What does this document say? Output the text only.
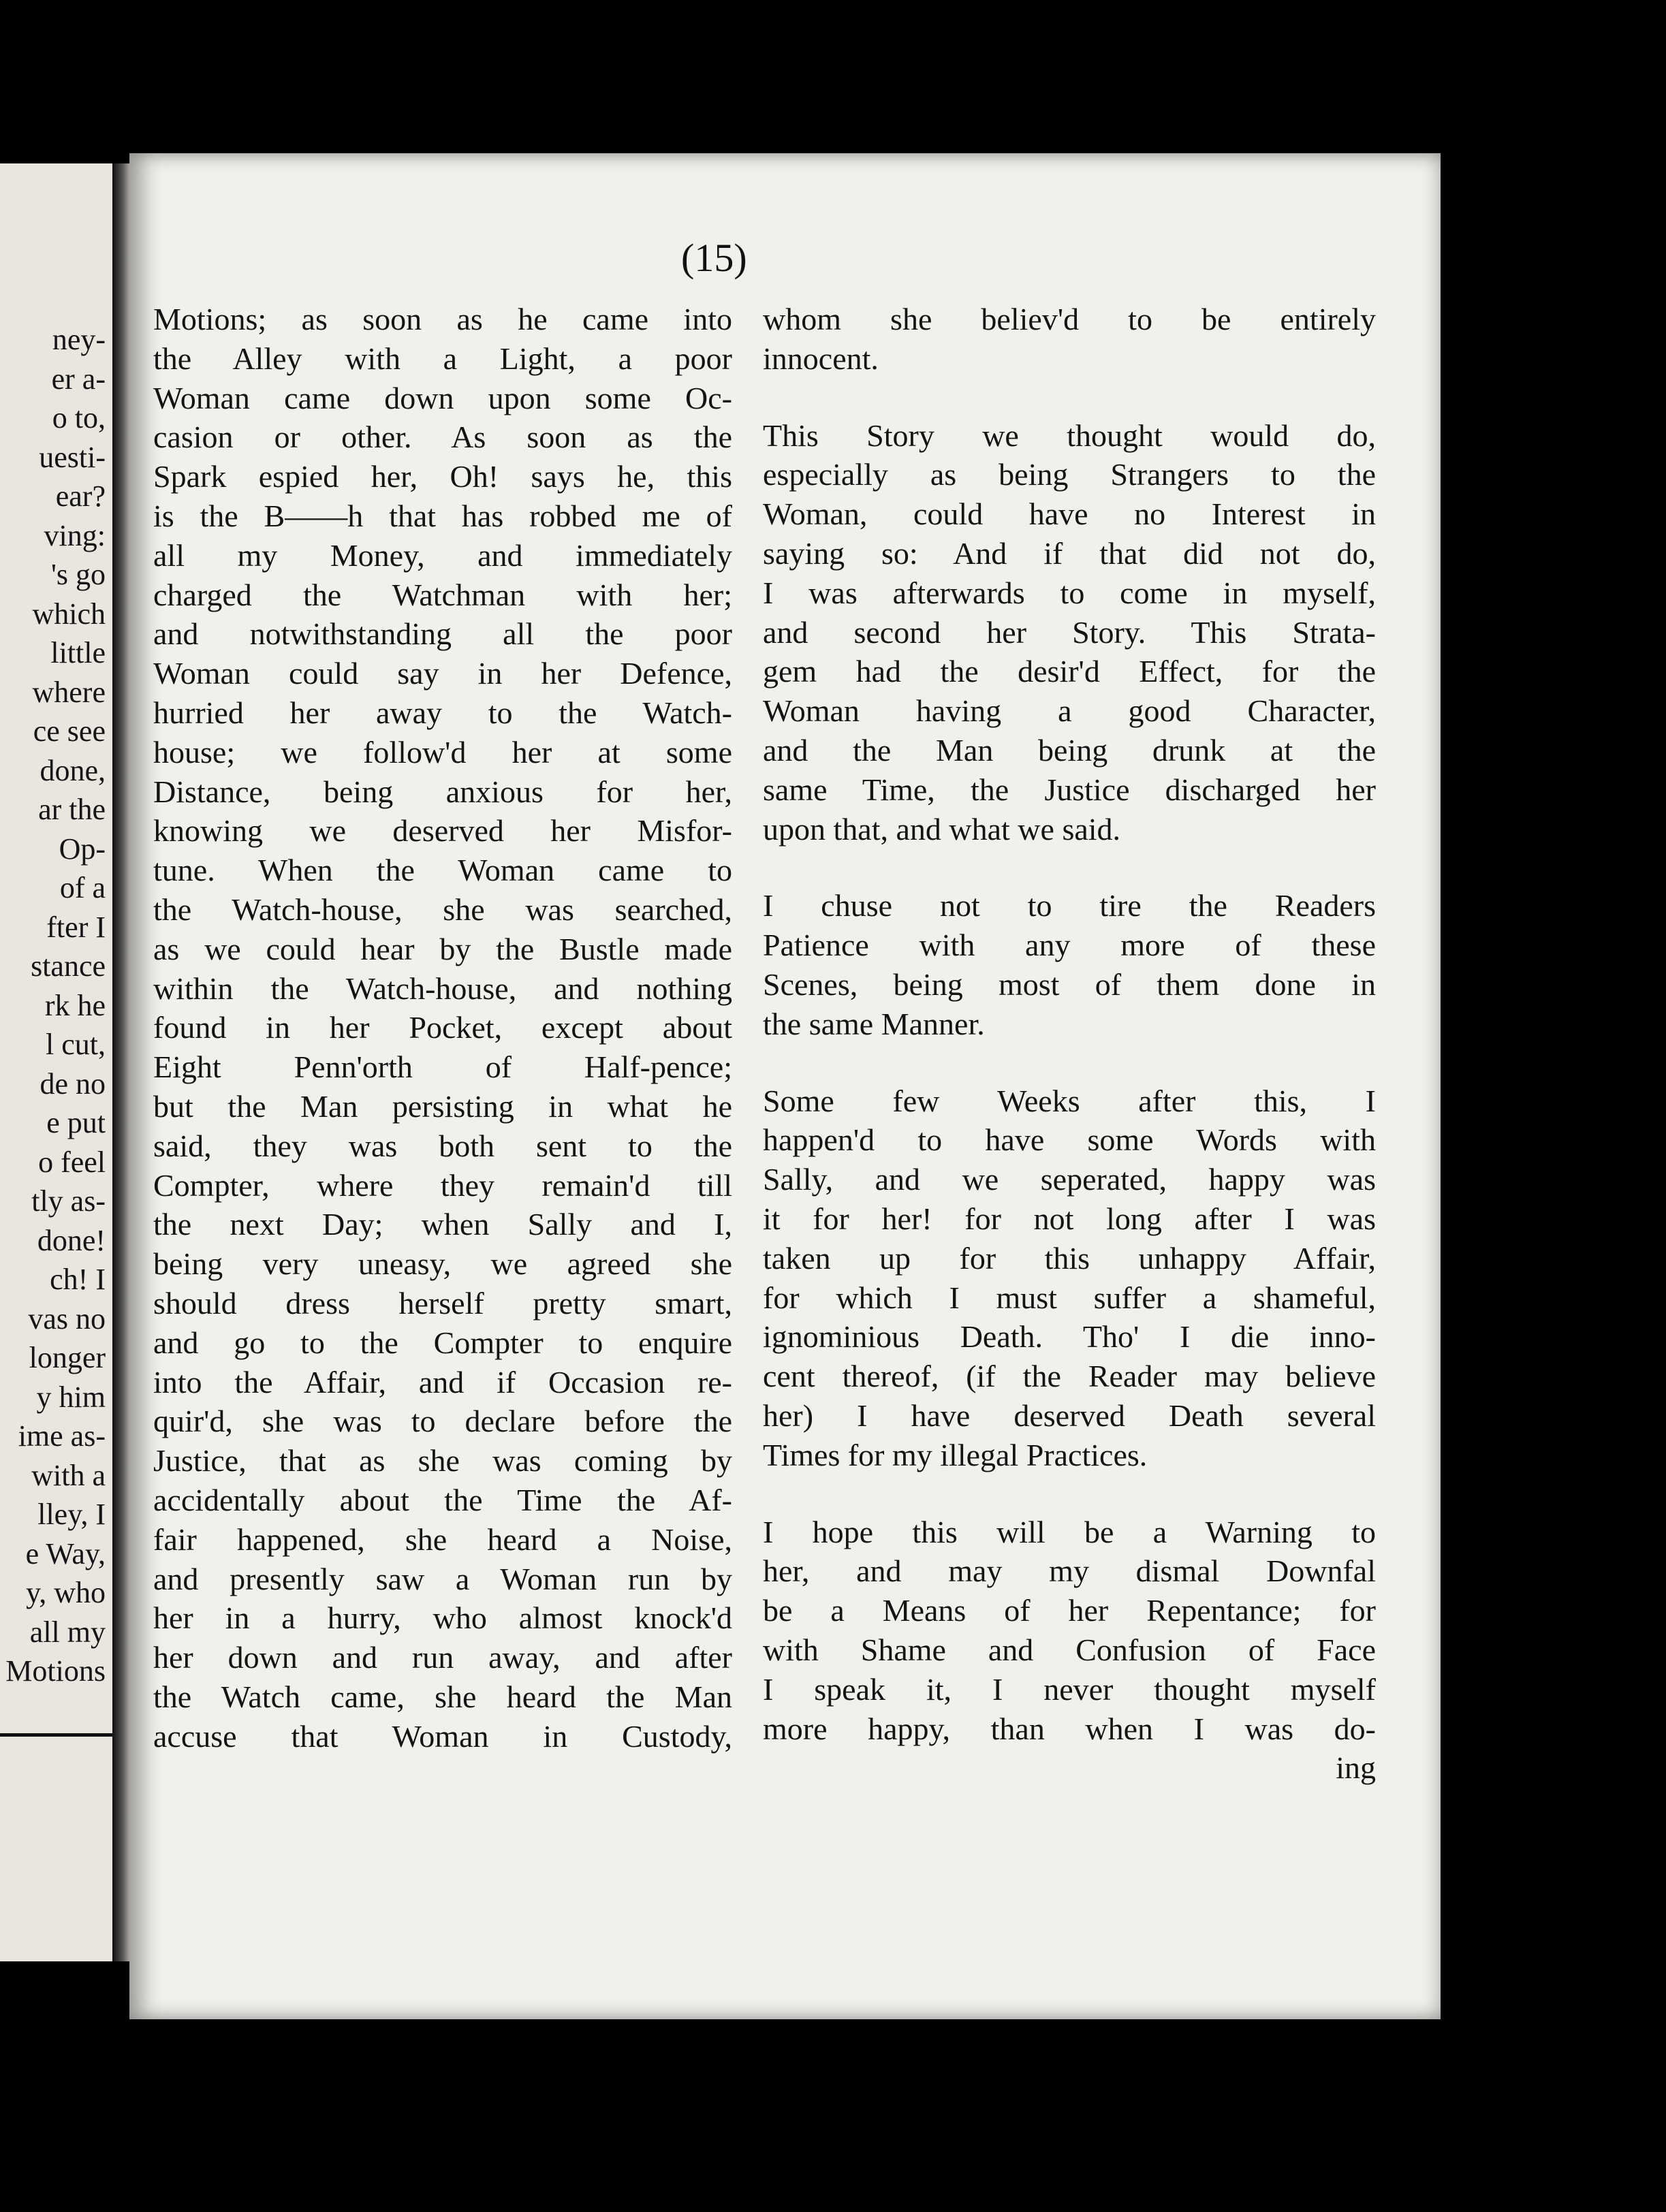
ney-
er a-
o to,
uesti-
ear?
ving:
's go
which
little
where
ce see
done,
ar the
Op-
of a
fter I
stance
rk he
l cut,
de no
e put
o feel
tly as-
done!
ch! I
vas no
longer
y him
ime as-
with a
lley, I
e Way,
y, who
all my
Motions
(15)
Motions; as soon as he came into
the Alley with a Light, a poor
Woman came down upon some Oc-
casion or other. As soon as the
Spark espied her, Oh! says he, this
is the B——h that has robbed me of
all my Money, and immediately
charged the Watchman with her;
and notwithstanding all the poor
Woman could say in her Defence,
hurried her away to the Watch-
house; we follow'd her at some
Distance, being anxious for her,
knowing we deserved her Misfor-
tune. When the Woman came to
the Watch-house, she was searched,
as we could hear by the Bustle made
within the Watch-house, and nothing
found in her Pocket, except about
Eight Penn'orth of Half-pence;
but the Man persisting in what he
said, they was both sent to the
Compter, where they remain'd till
the next Day; when Sally and I,
being very uneasy, we agreed she
should dress herself pretty smart,
and go to the Compter to enquire
into the Affair, and if Occasion re-
quir'd, she was to declare before the
Justice, that as she was coming by
accidentally about the Time the Af-
fair happened, she heard a Noise,
and presently saw a Woman run by
her in a hurry, who almost knock'd
her down and run away, and after
the Watch came, she heard the Man
accuse that Woman in Custody,
whom she believ'd to be entirely
innocent.
This Story we thought would do,
especially as being Strangers to the
Woman, could have no Interest in
saying so: And if that did not do,
I was afterwards to come in myself,
and second her Story. This Strata-
gem had the desir'd Effect, for the
Woman having a good Character,
and the Man being drunk at the
same Time, the Justice discharged her
upon that, and what we said.
I chuse not to tire the Readers
Patience with any more of these
Scenes, being most of them done in
the same Manner.
Some few Weeks after this, I
happen'd to have some Words with
Sally, and we seperated, happy was
it for her! for not long after I was
taken up for this unhappy Affair,
for which I must suffer a shameful,
ignominious Death. Tho' I die inno-
cent thereof, (if the Reader may believe
her) I have deserved Death several
Times for my illegal Practices.
I hope this will be a Warning to
her, and may my dismal Downfal
be a Means of her Repentance; for
with Shame and Confusion of Face
I speak it, I never thought myself
more happy, than when I was do-
ing
